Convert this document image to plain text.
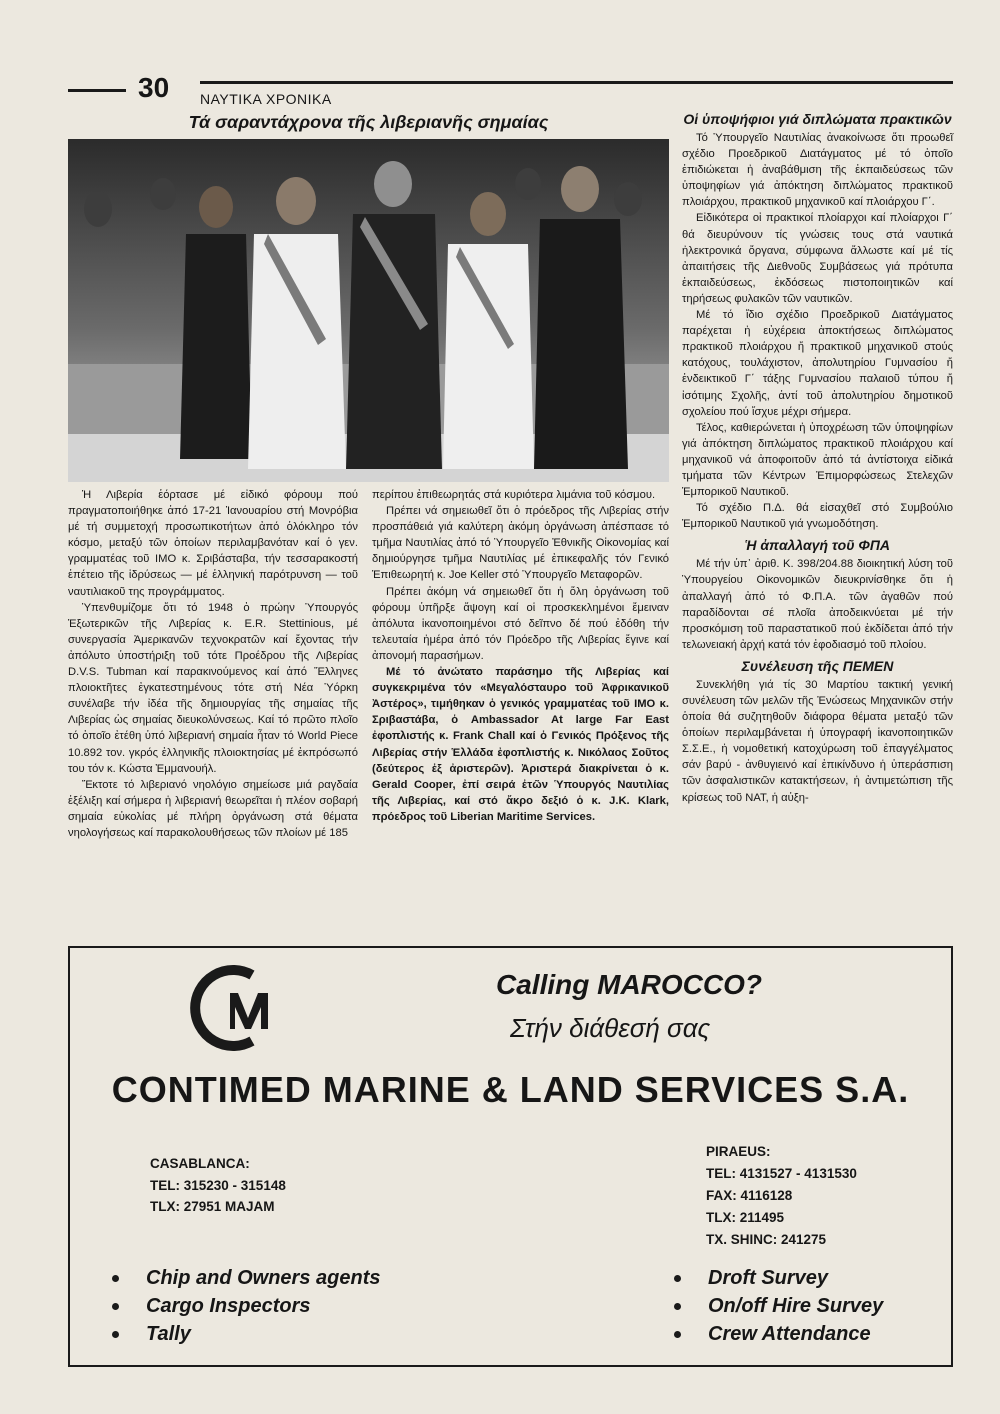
30 ΝΑΥΤΙΚΑ ΧΡΟΝΙΚΑ
Τά σαραντάχρονα τῆς λιβεριανῆς σημαίας

Ἡ Λιβερία ἑόρτασε μέ εἰδικό φόρουμ πού πραγματοποιήθηκε ἀπό 17-21 Ἰανουαρίου στή Μονρόβια μέ τή συμμετοχή προσωπικοτήτων ἀπό ὁλόκληρο τόν κόσμο, μεταξύ τῶν ὁποίων περιλαμβανόταν καί ὁ γεν. γραμματέας τοῦ IMO κ. Σριβάσταβα, τήν τεσσαρακοστή ἐπέτειο τῆς ἱδρύσεως — μέ ἑλληνική παρότρυνση — τοῦ ναυτιλιακοῦ της προγράμματος.

Ὑπενθυμίζομε ὅτι τό 1948 ὁ πρώην Ὑπουργός Ἐξωτερικῶν τῆς Λιβερίας κ. E.R. Stettinious, μέ συνεργασία Ἀμερικανῶν τεχνοκρατῶν καί ἔχοντας τήν ἀπόλυτο ὑποστήριξη τοῦ τότε Προέδρου τῆς Λιβερίας D.V.S. Tubman καί παρακινούμενος καί ἀπό Ἕλληνες πλοιοκτῆτες ἐγκατεστημένους τότε στή Νέα Ὑόρκη συνέλαβε τήν ἰδέα τῆς δημιουργίας τῆς σημαίας τῆς Λιβερίας ὡς σημαίας διευκολύνσεως. Καί τό πρῶτο πλοῖο τό ὁποῖο ἐτέθη ὑπό λιβεριανή σημαία ἦταν τό World Piece 10.892 τον. γκρός ἑλληνικῆς πλοιοκτησίας μέ ἐκπρόσωπό του τόν κ. Κώστα Ἐμμανουήλ.

Ἔκτοτε τό λιβεριανό νηολόγιο σημείωσε μιά ραγδαία ἐξέλιξη καί σήμερα ἡ λιβεριανή θεωρεῖται ἡ πλέον σοβαρή σημαία εὐκολίας μέ πλήρη ὀργάνωση στά θέματα νηολογήσεως καί παρακολουθήσεως τῶν πλοίων μέ 185

περίπου ἐπιθεωρητάς στά κυριότερα λιμάνια τοῦ κόσμου.

Πρέπει νά σημειωθεῖ ὅτι ὁ πρόεδρος τῆς Λιβερίας στήν προσπάθειά γιά καλύτερη ἀκόμη ὀργάνωση ἀπέσπασε τό τμῆμα Ναυτιλίας ἀπό τό Ὑπουργεῖο Ἐθνικῆς Οἰκονομίας καί δημιούργησε τμῆμα Ναυτιλίας μέ ἐπικεφαλῆς τόν Γενικό Ἐπιθεωρητή κ. Joe Keller στό Ὑπουργεῖο Μεταφορῶν.

Πρέπει ἀκόμη νά σημειωθεῖ ὅτι ἡ ὅλη ὀργάνωση τοῦ φόρουμ ὑπῆρξε ἄψογη καί οἱ προσκεκλημένοι ἔμειναν ἀπόλυτα ἱκανοποιημένοι στό δεῖπνο δέ πού ἐδόθη τήν τελευταία ἡμέρα ἀπό τόν Πρόεδρο τῆς Λιβερίας ἔγινε καί ἀπονομή παρασήμων.

Μέ τό ἀνώτατο παράσημο τῆς Λιβερίας καί συγκεκριμένα τόν «Μεγαλόσταυρο τοῦ Ἀφρικανικοῦ Ἀστέρος», τιμήθηκαν ὁ γενικός γραμματέας τοῦ IMO κ. Σριβαστάβα, ὁ Ambassador At large Far East ἐφοπλιστής κ. Frank Chall καί ὁ Γενικός Πρόξενος τῆς Λιβερίας στήν Ἑλλάδα ἐφοπλιστής κ. Νικόλαος Σοῦτος (δεύτερος ἐξ ἀριστερῶν). Ἀριστερά διακρίνεται ὁ κ. Gerald Cooper, ἐπί σειρά ἐτῶν Ὑπουργός Ναυτιλίας τῆς Λιβερίας, καί στό ἄκρο δεξιό ὁ κ. J.K. Klark, πρόεδρος τοῦ Liberian Maritime Services.

Οἱ ὑποψήφιοι γιά διπλώματα πρακτικῶν

Τό Ὑπουργεῖο Ναυτιλίας ἀνακοίνωσε ὅτι προωθεῖ σχέδιο Προεδρικοῦ Διατάγματος μέ τό ὁποῖο ἐπιδιώκεται ἡ ἀναβάθμιση τῆς ἐκπαιδεύσεως τῶν ὑποψηφίων γιά ἀπόκτηση διπλώματος πρακτικοῦ πλοιάρχου, πρακτικοῦ μηχανικοῦ καί πλοιάρχου Γ΄.

Εἰδικότερα οἱ πρακτικοί πλοίαρχοι καί πλοίαρχοι Γ΄ θά διευρύνουν τίς γνώσεις τους στά ναυτικά ἠλεκτρονικά ὄργανα, σύμφωνα ἄλλωστε καί μέ τίς ἀπαιτήσεις τῆς Διεθνοῦς Συμβάσεως γιά πρότυπα ἐκπαιδεύσεως, ἐκδόσεως πιστοποιητικῶν καί τηρήσεως φυλακῶν τῶν ναυτικῶν.

Μέ τό ἴδιο σχέδιο Προεδρικοῦ Διατάγματος παρέχεται ἡ εὐχέρεια ἀποκτήσεως διπλώματος πρακτικοῦ πλοιάρχου ἤ πρακτικοῦ μηχανικοῦ στούς κατόχους, τουλάχιστον, ἀπολυτηρίου Γυμνασίου ἤ ἐνδεικτικοῦ Γ΄ τάξης Γυμνασίου παλαιοῦ τύπου ἤ ἰσότιμης Σχολῆς, ἀντί τοῦ ἀπολυτηρίου δημοτικοῦ σχολείου πού ἴσχυε μέχρι σήμερα.

Τέλος, καθιερώνεται ἡ ὑποχρέωση τῶν ὑποψηφίων γιά ἀπόκτηση διπλώματος πρακτικοῦ πλοιάρχου καί μηχανικοῦ νά ἀποφοιτοῦν ἀπό τά ἀντίστοιχα εἰδικά τμήματα τῶν Κέντρων Ἐπιμορφώσεως Στελεχῶν Ἐμπορικοῦ Ναυτικοῦ.

Τό σχέδιο Π.Δ. θά εἰσαχθεῖ στό Συμβούλιο Ἐμπορικοῦ Ναυτικοῦ γιά γνωμοδότηση.

Ἡ ἀπαλλαγή τοῦ ΦΠΑ

Μέ τήν ὑπ᾿ ἀριθ. Κ. 398/204.88 διοικητική λύση τοῦ Ὑπουργείου Οἰκονομικῶν διευκρινίσθηκε ὅτι ἡ ἀπαλλαγή ἀπό τό Φ.Π.Α. τῶν ἀγαθῶν πού παραδίδονται σέ πλοῖα ἀποδεικνύεται μέ τήν προσκόμιση τοῦ παραστατικοῦ πού ἐκδίδεται ἀπό τήν τελωνειακή ἀρχή κατά τόν ἐφοδιασμό τοῦ πλοίου.

Συνέλευση τῆς ΠΕΜΕΝ

Συνεκλήθη γιά τίς 30 Μαρτίου τακτική γενική συνέλευση τῶν μελῶν τῆς Ἑνώσεως Μηχανικῶν στήν ὁποία θά συζητηθοῦν διάφορα θέματα μεταξύ τῶν ὁποίων περιλαμβάνεται ἡ ὑπογραφή ἱκανοποιητικῶν Σ.Σ.Ε., ἡ νομοθετική κατοχύρωση τοῦ ἐπαγγέλματος σάν βαρύ - ἀνθυγιεινό καί ἐπικίνδυνο ἡ ὑπεράσπιση τῶν ἀσφαλιστικῶν κατακτήσεων, ἡ ἀντιμετώπιση τῆς κρίσεως τοῦ ΝΑΤ, ἡ αὐξη-

Calling MAROCCO?
Στήν διάθεσή σας
CONTIMED MARINE & LAND SERVICES S.A.
CASABLANCA:
TEL: 315230 - 315148
TLX: 27951 MAJAM
PIRAEUS:
TEL: 4131527 - 4131530
FAX: 4116128
TLX: 211495
TX. SHINC: 241275
Chip and Owners agents
Cargo Inspectors
Tally
Droft Survey
On/off Hire Survey
Crew Attendance
